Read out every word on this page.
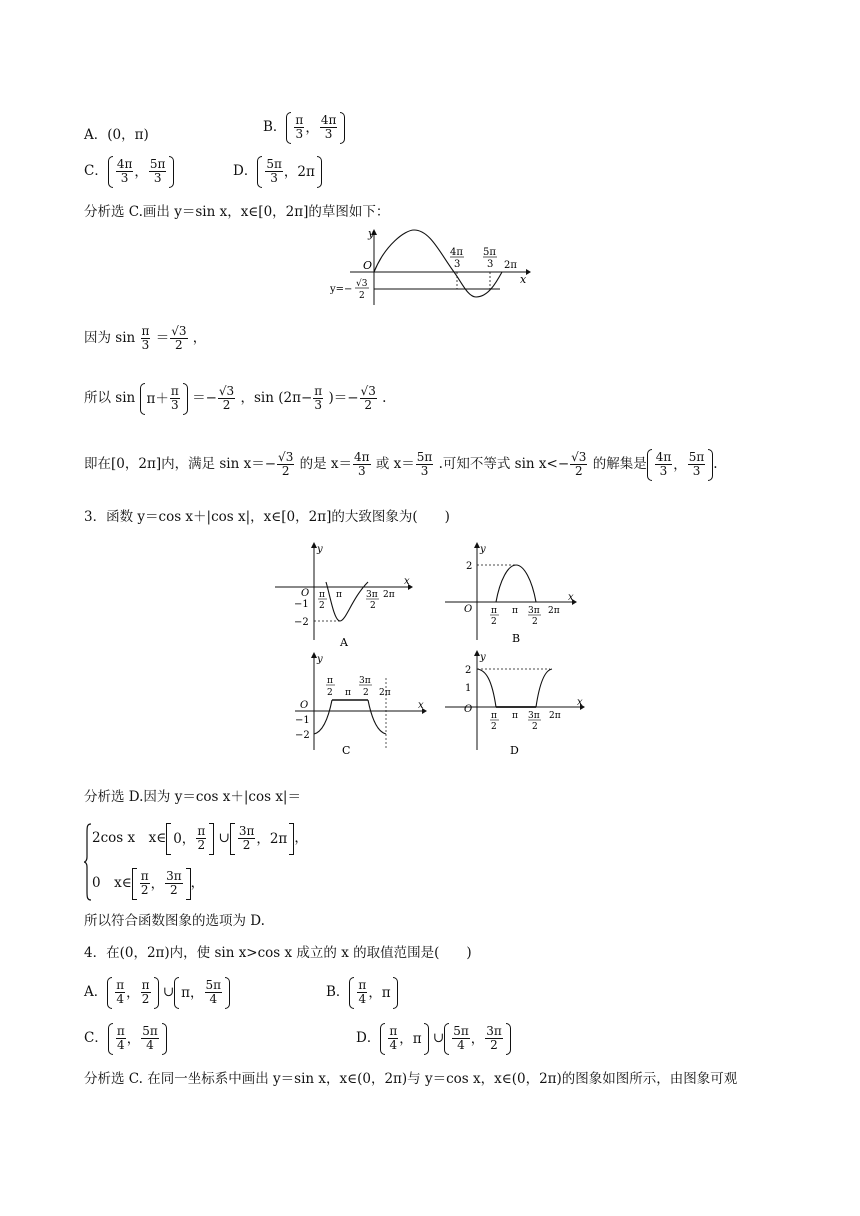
A．(0，π)	B． $\frac{\pi}{3}$ ， $\frac{4\pi}{3}$
C． $\frac{4\pi}{3}$ ， $\frac{5\pi}{3}$	D． $\frac{5\pi}{3}$ ， 2π
分析选 C.画出 y＝sin x，x∈[0，2π]的草图如下：
y
O
x
4π
3
5π
3 2π
y=− √3
2
因为 $\sin \frac{\pi}{3} = \frac{√3}{2}$ ，
所以 $\sin \pi+ \frac{\pi}{3} =- \frac{√3}{2}$ ，$\sin (2\pi- \frac{\pi}{3}$ )＝− $\frac{√3}{2}$ .
即在[0，2π]内，满足 $\sin x=- \frac{√3}{2}$ 的是 $x= \frac{4\pi}{3}$ 或 $x= \frac{5\pi}{3}$ .可知不等式 $\sin x<- \frac{√3}{2}$ 的解集是 $\frac{4\pi}{3}$ ， $\frac{5\pi}{3}$ .
3．函数 y＝cos x＋|cos x|，x∈[0，2π]的大致图象为(　　)
y
O
x
−1
−2
π
2
π	3π
2
2π
A
y
O
x
2
π
2
π 3π
2
2π
B
y
O	x
−1
−2
π
2 π
3π
2 2π
C
y
O
x
2
1
π
2
π 3π
2
2π
D
分析选 D.因为 y＝cos x＋|cos x|＝
2cos x　x∈ 0， $\frac{\pi}{2}$ ∪ $\frac{3\pi}{2}$ ，2π ，
0　x∈ $\frac{\pi}{2}$ ， $\frac{3\pi}{2}$ ，
所以符合函数图象的选项为 D.
4．在(0，2π)内，使 sin x>cos x 成立的 x 的取值范围是(　　)
A． $\frac{\pi}{4}$ ， $\frac{\pi}{2}$ ∪ π， $\frac{5\pi}{4}$	B． $\frac{\pi}{4}$ ，π
C． $\frac{\pi}{4}$ ， $\frac{5\pi}{4}$	D． $\frac{\pi}{4}$ ，π ∪ $\frac{5\pi}{4}$ ， $\frac{3\pi}{2}$
分析选 C. 在同一坐标系中画出 y＝sin x，x∈(0，2π)与 y＝cos x，x∈(0，2π)的图象如图所示，由图象可观
